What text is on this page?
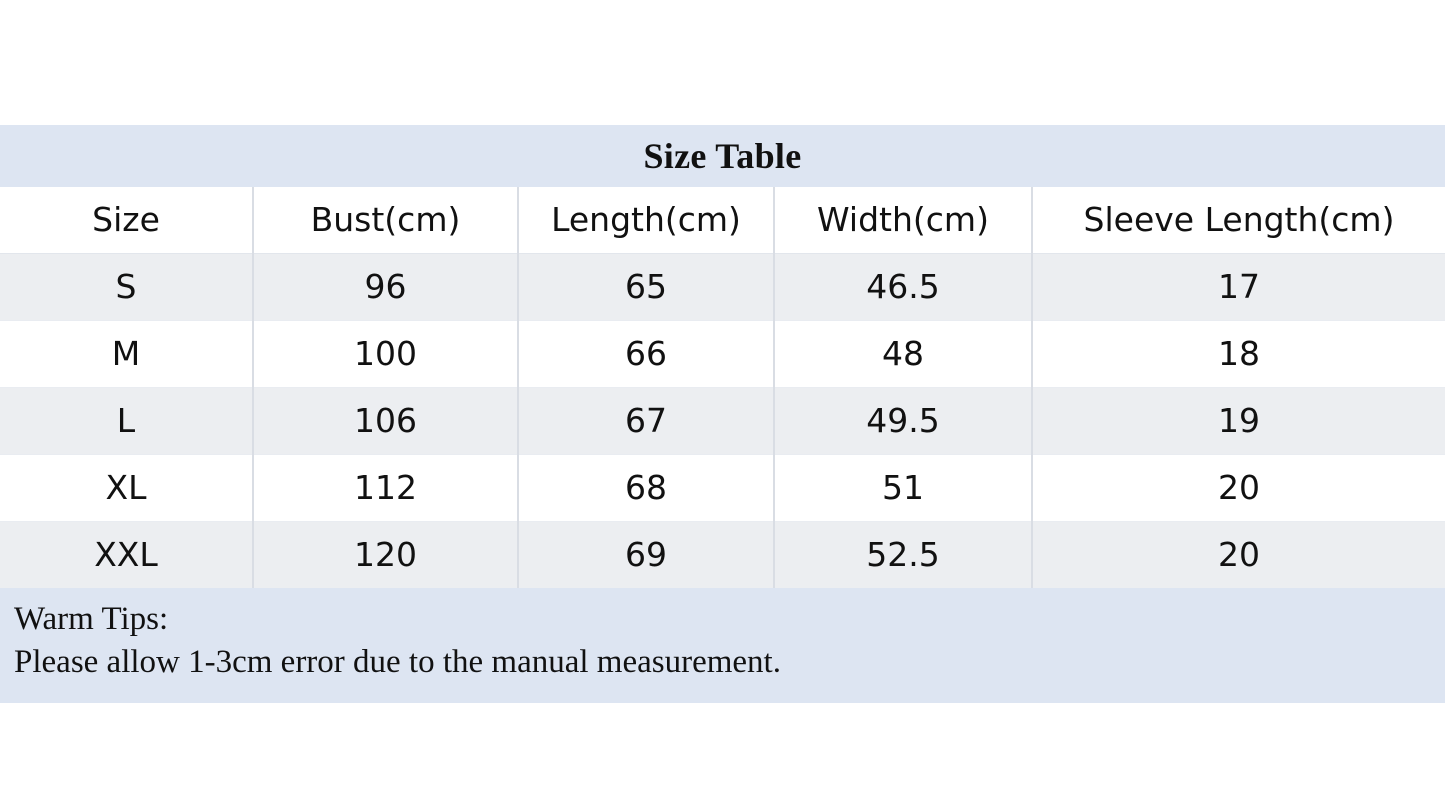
Size Table
Size	Bust(cm)	Length(cm)	Width(cm)	Sleeve Length(cm)
S	96	65	46.5	17
M	100	66	48	18
L	106	67	49.5	19
XL	112	68	51	20
XXL	120	69	52.5	20
Warm Tips:
Please allow 1-3cm error due to the manual measurement.
